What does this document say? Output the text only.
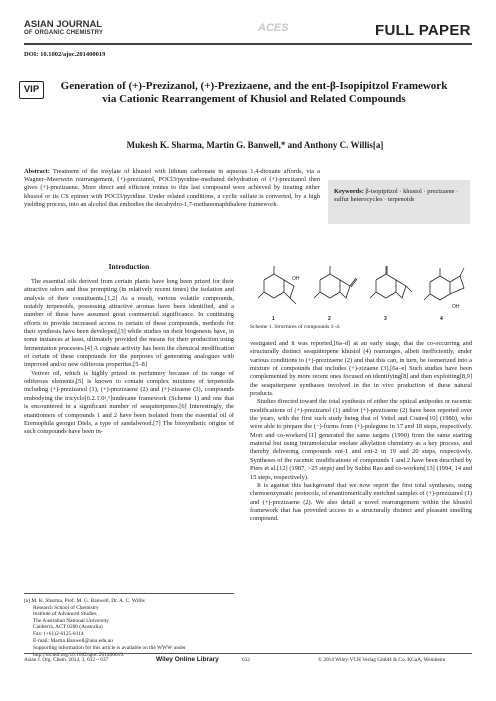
ASIAN JOURNAL
OF ORGANIC CHEMISTRY	ACES	FULL PAPER
DOI: 10.1002/ajoc.201400019
VIP	Generation of (+)-Prezizanol, (+)-Prezizaene, and the ent-β-Isopipitzol Framework via Cationic Rearrangement of Khusiol and Related Compounds
Mukesh K. Sharma, Martin G. Banwell,* and Anthony C. Willis[a]
Abstract: Treatment of the tosylate of khusiol with lithium carbonate in aqueous 1,4-dioxane affords, via a Wagner–Meerwein rearrangement, (+)-prezizanol, POCl3/pyridine-mediated dehydration of (+)-prezizanol then gives (+)-prezizaene. More direct and efficient routes to this last compound were achieved by treating either khusiol or its CS epimer with POCl3/pyridine. Under related conditions, a cyclic sulfate is converted, by a high yielding process, into an alcohol that embodies the decahydro-1,7-methanonaphthalene framework.
Keywords: β-isopipitzol · khusiol · prezizaene · sulfur heterocycles · terpenoids
Introduction

The essential oils derived from certain plants have long been prized for their attractive odors and thus prompting (in relatively recent times) the isolation and analysis of their constituents.[1,2] As a result, various volatile compounds, notably terpenoids, possessing attractive aromas have been identified, and a number of these have assumed great commercial significance. In continuing efforts to provide increased access to certain of these compounds, methods for their synthesis have been developed,[3] while studies on their biogenesis have, in some instances at least, ultimately provided the means for their production using fermentation processes.[4] A cognate activity has been the chemical modification of certain of these compounds for the purposes of generating analogues with improved and/or new odiferous properties.[5–8]

Vetiver oil, which is highly prized in perfumery because of its range of odiferous elements,[5] is known to contain complex mixtures of terpenoids including (+)-prezizanol (1), (+)-prezizaene (2) and (+)-zizaene (3), compounds embodying the tricyclo[6.2.1.0¹,⁵]undecane framework (Scheme 1) and one that is encountered in a significant number of sesquiterpenes.[6] Interestingly, the enantiomers of compounds 1 and 2 have been isolated from the essential oil of Eremophila georgei Diels, a type of sandalwood.[7] The biosynthetic origins of such compounds have been in-

OH
OH
1	2	3	4
Scheme 1. Structures of compounds 1–4.

vestigated and it was reported,[6a–d] at an early stage, that the co-occurring and structurally distinct sesquiterpene khusiol (4) rearranges, albeit inefficiently, under various conditions to (+)-prezizaene (2) and that this can, in turn, be isomerized into a mixture of compounds that includes (+)-zizaene (3).[6a–e] Such studies have been complemented by more recent ones focused on identifying[8] and then exploiting[8,9] the sesquiterpene synthases involved in the in vivo production of these natural products.

Studies directed toward the total synthesis of either the optical antipodes or racemic modifications of (+)-prezizanol (1) and/or (+)-prezizaene (2) have been reported over the years, with the first such study being that of Vettel and Coates[10] (1980), who were able to prepare the (−)-forms from (+)-pulegone in 17 and 18 steps, respectively. Mori and co-workers[11] generated the same targets (1990) from the same starting material but using intramolecular enolate alkylation chemistry as a key process, and thereby delivering compounds ent-1 and ent-2 in 19 and 20 steps, respectively. Syntheses of the racemic modifications of compounds 1 and 2 have been described by Piers et al.[12] (1987, >25 steps) and by Subba Rao and co-workers[13] (1994, 14 and 15 steps, respectively).

It is against this background that we now report the first total syntheses, using chemoenzymatic protocols, of enantiomerically enriched samples of (+)-prezizanol (1) and (+)-prezizaene (2). We also detail a novel rearrangement within the khusiol framework that has provided access to a structurally distinct and pleasant smelling compound.

[a] M. K. Sharma, Prof. M. G. Banwell, Dr. A. C. Willis
Research School of Chemistry
Institute of Advanced Studies
The Australian National University
Canberra, ACT 0200 (Australia)
Fax: (+61)2-6125-8114
E-mail: Martin.Banwell@anu.edu.au
Supporting information for this article is available on the WWW under http://dx.doi.org/10.1002/ajoc.201400019.
Asian J. Org. Chem. 2014, 3, 632 – 637	Wiley Online Library	632	© 2014 Wiley-VCH Verlag GmbH & Co. KGaA, Weinheim
